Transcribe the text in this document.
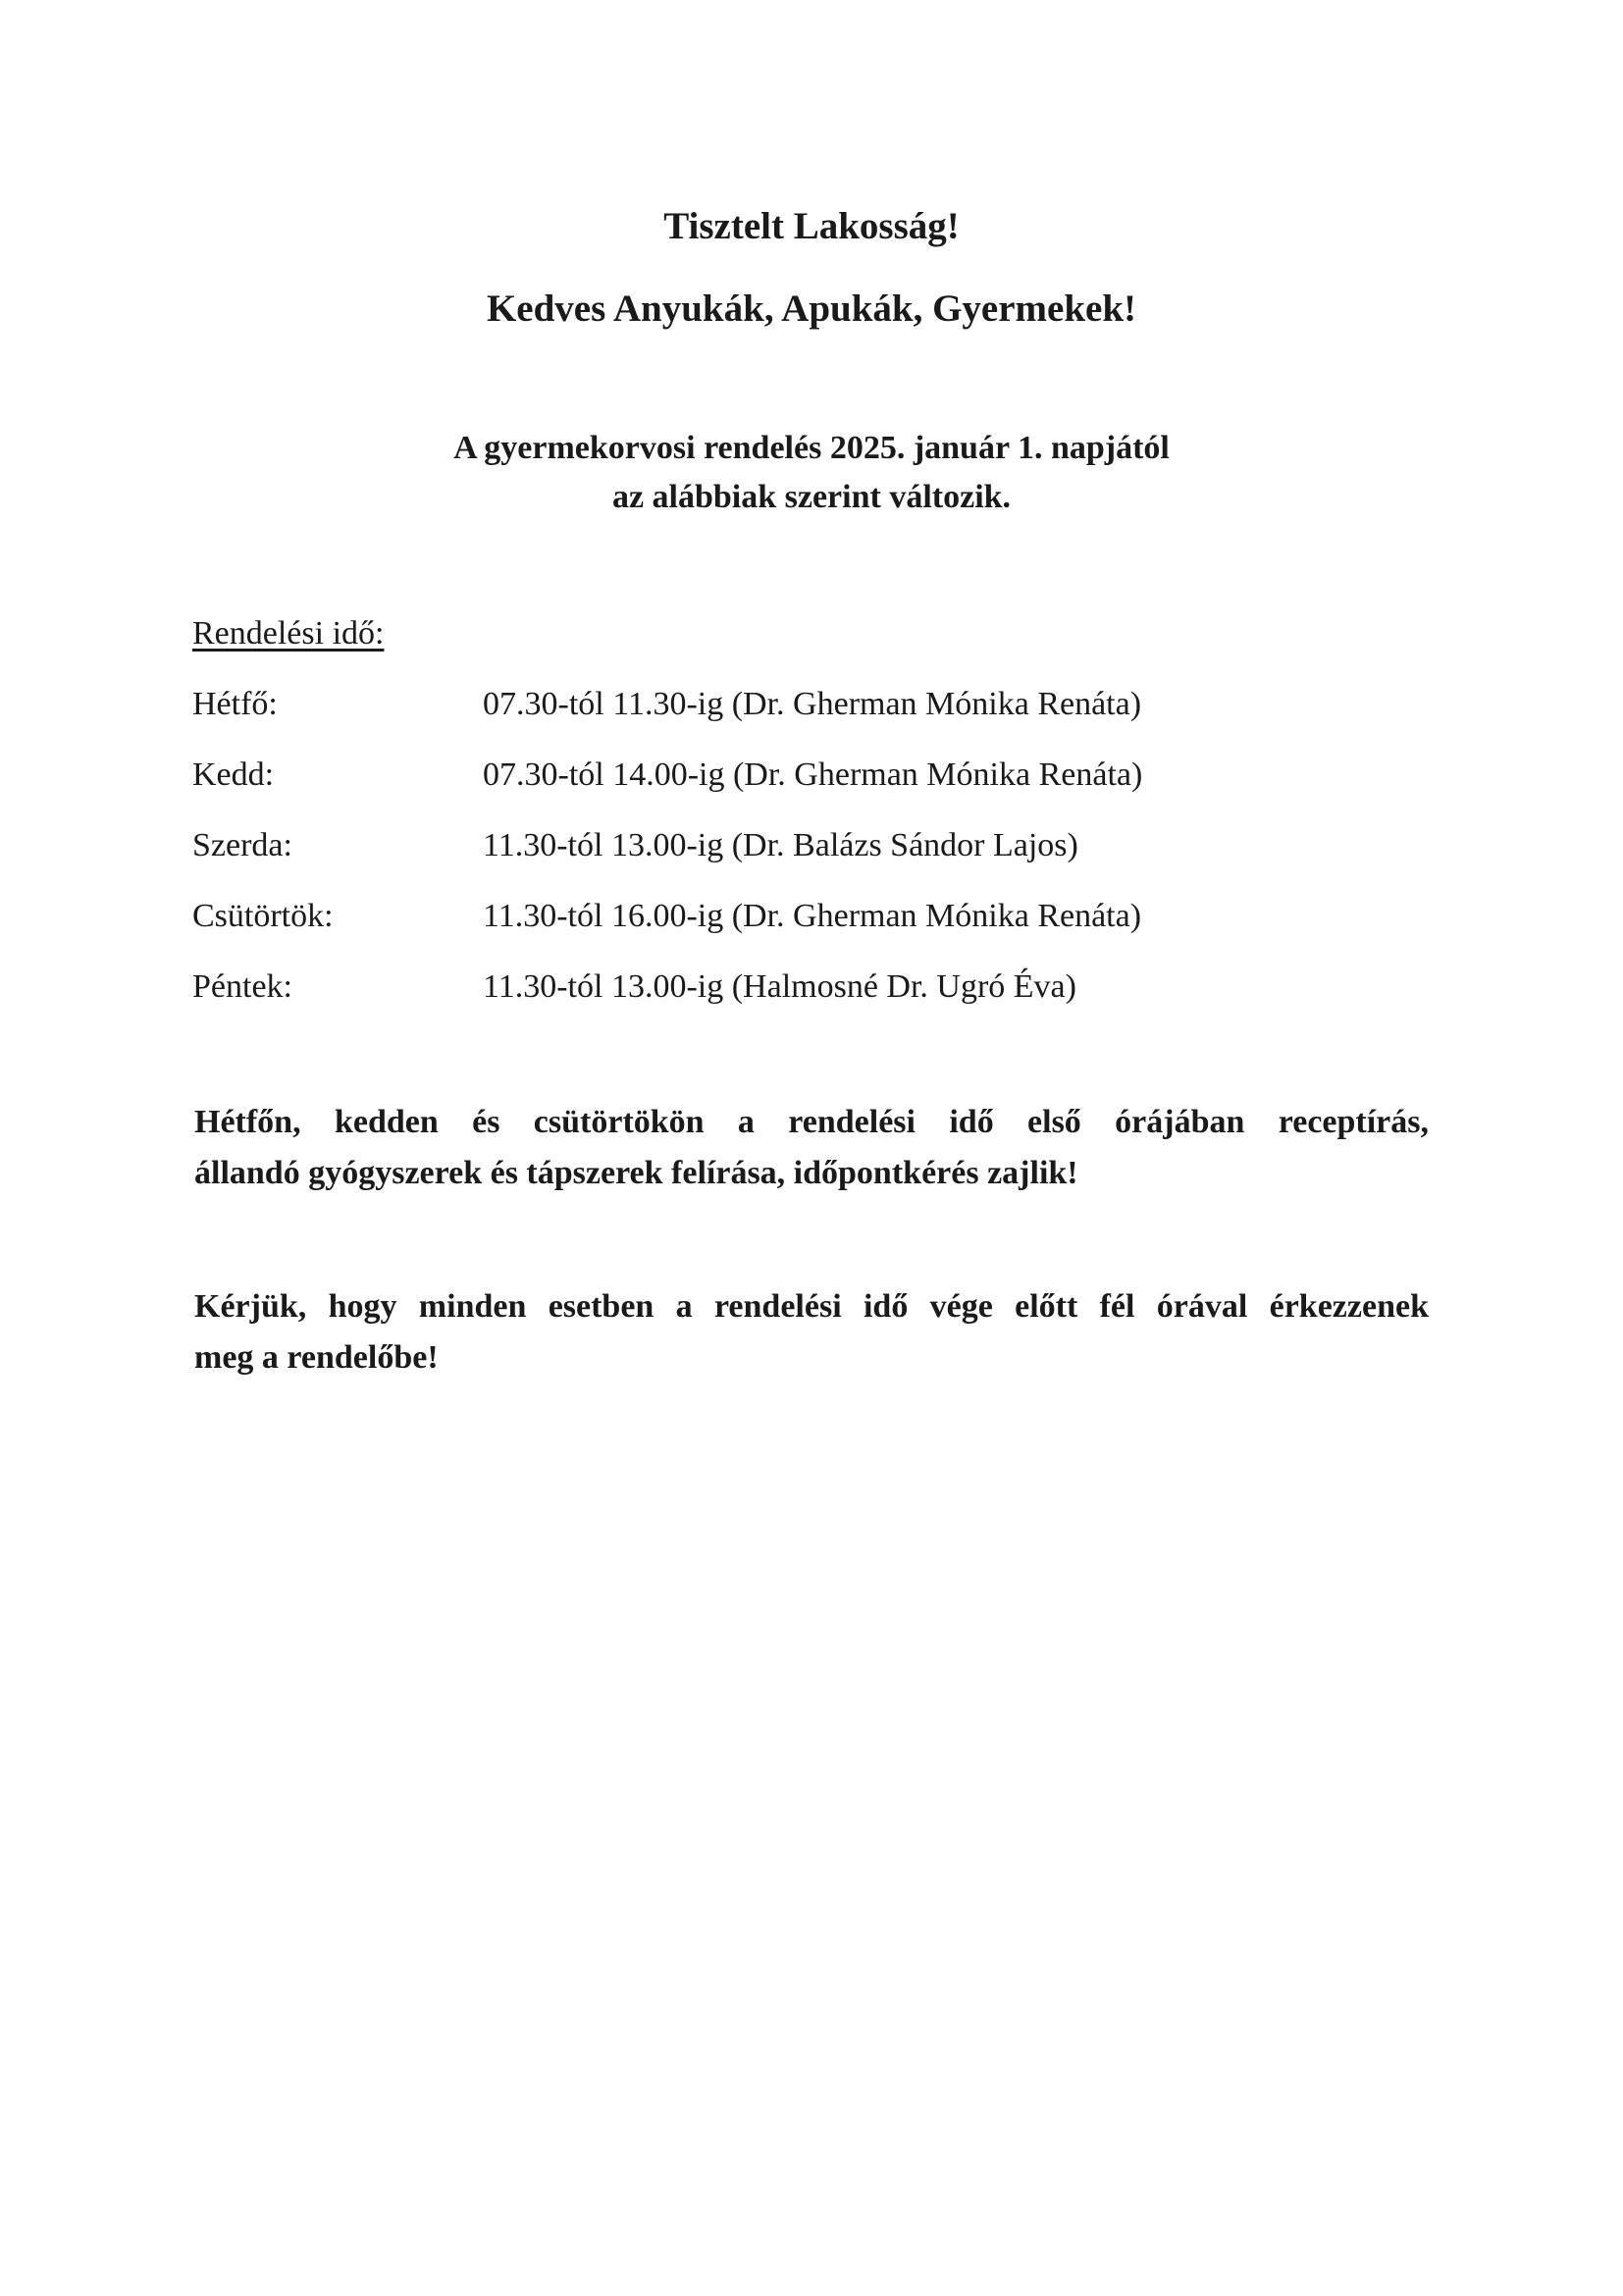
Tisztelt Lakosság!
Kedves Anyukák, Apukák, Gyermekek!
A gyermekorvosi rendelés 2025. január 1. napjától
az alábbiak szerint változik.
Rendelési idő:
Hétfő:	07.30-tól 11.30-ig (Dr. Gherman Mónika Renáta)
Kedd:	07.30-tól 14.00-ig (Dr. Gherman Mónika Renáta)
Szerda:	11.30-tól 13.00-ig (Dr. Balázs Sándor Lajos)
Csütörtök:	11.30-tól 16.00-ig (Dr. Gherman Mónika Renáta)
Péntek:	11.30-tól 13.00-ig (Halmosné Dr. Ugró Éva)
Hétfőn, kedden és csütörtökön a rendelési idő első órájában receptírás,
állandó gyógyszerek és tápszerek felírása, időpontkérés zajlik!
Kérjük, hogy minden esetben a rendelési idő vége előtt fél órával érkezzenek
meg a rendelőbe!
